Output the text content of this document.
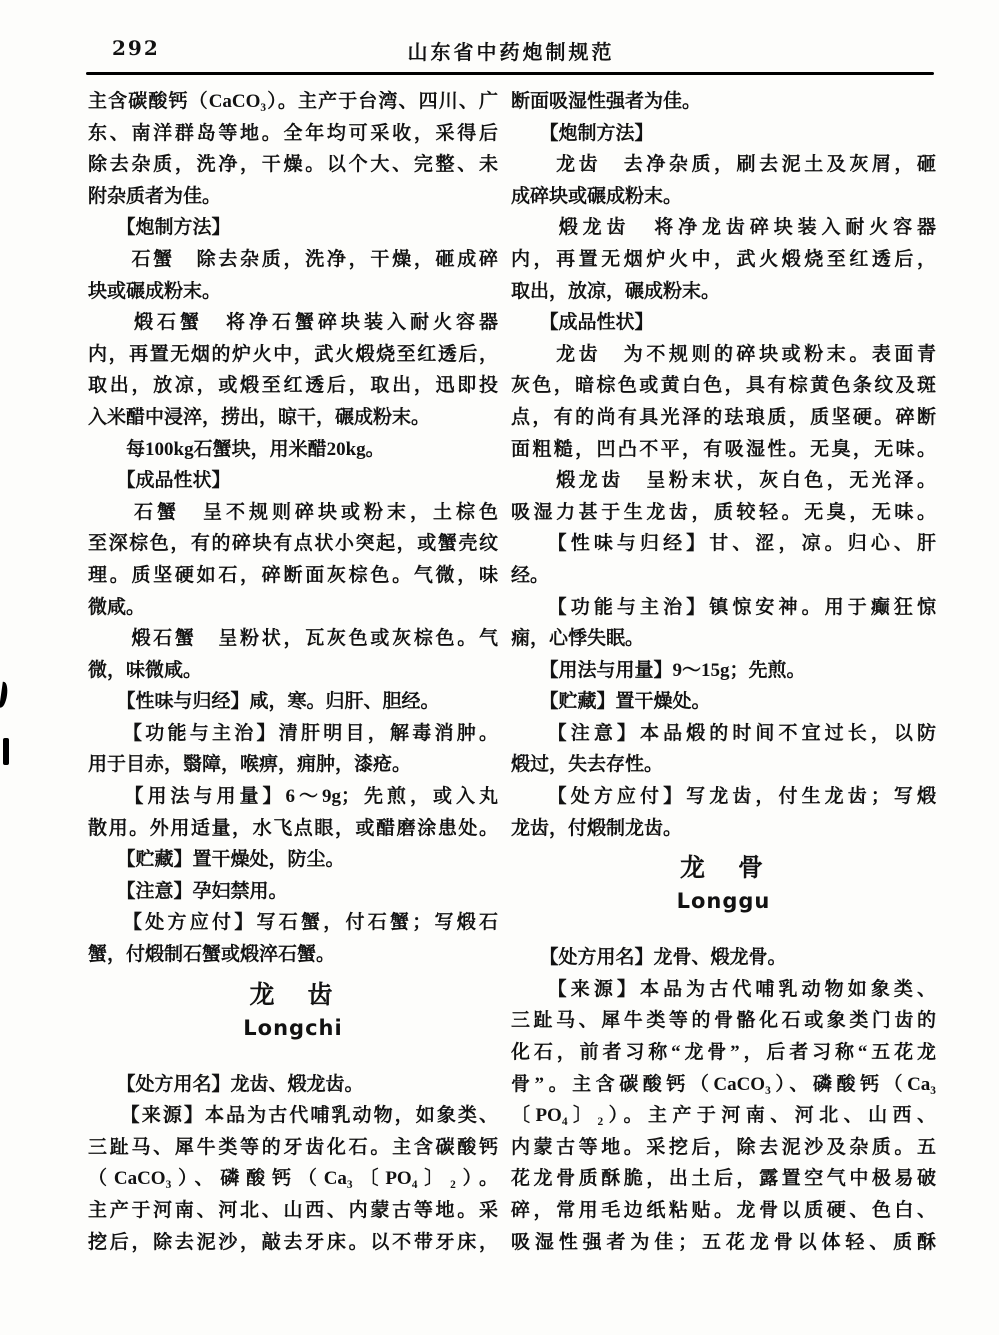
292	山东省中药炮制规范
主含碳酸钙（CaCO₃）。主产于台湾、四川、广
东、南洋群岛等地。全年均可采收，采得后
除去杂质，洗净，干燥。以个大、完整、未
附杂质者为佳。
　　【炮制方法】
　　石蟹　除去杂质，洗净，干燥，砸成碎
块或碾成粉末。
　　煅石蟹　将净石蟹碎块装入耐火容器
内，再置无烟的炉火中，武火煅烧至红透后，
取出，放凉，或煅至红透后，取出，迅即投
入米醋中浸淬，捞出，晾干，碾成粉末。
　　每100kg石蟹块，用米醋20kg。
　　【成品性状】
　　石蟹　呈不规则碎块或粉末，土棕色
至深棕色，有的碎块有点状小突起，或蟹壳纹
理。质坚硬如石，碎断面灰棕色。气微，味
微咸。
　　煅石蟹　呈粉状，瓦灰色或灰棕色。气
微，味微咸。
　　【性味与归经】咸，寒。归肝、胆经。
　　【功能与主治】清肝明目，解毒消肿。
用于目赤，翳障，喉痹，痈肿，漆疮。
　　【用法与用量】6～9g；先煎，或入丸
散用。外用适量，水飞点眼，或醋磨涂患处。
　　【贮藏】置干燥处，防尘。
　　【注意】孕妇禁用。
　　【处方应付】写石蟹，付石蟹；写煅石
蟹，付煅制石蟹或煅淬石蟹。
龙　齿
Longchi
　　【处方用名】龙齿、煅龙齿。
　　【来源】本品为古代哺乳动物，如象类、
三趾马、犀牛类等的牙齿化石。主含碳酸钙
（CaCO₃）、磷酸钙（Ca₃〔PO₄〕₂）。
主产于河南、河北、山西、内蒙古等地。采
挖后，除去泥沙，敲去牙床。以不带牙床，
断面吸湿性强者为佳。
　　【炮制方法】
　　龙齿　去净杂质，刷去泥土及灰屑，砸
成碎块或碾成粉末。
　　煅龙齿　将净龙齿碎块装入耐火容器
内，再置无烟炉火中，武火煅烧至红透后，
取出，放凉，碾成粉末。
　　【成品性状】
　　龙齿　为不规则的碎块或粉末。表面青
灰色，暗棕色或黄白色，具有棕黄色条纹及斑
点，有的尚有具光泽的珐琅质，质坚硬。碎断
面粗糙，凹凸不平，有吸湿性。无臭，无味。
　　煅龙齿　呈粉末状，灰白色，无光泽。
吸湿力甚于生龙齿，质较轻。无臭，无味。
　　【性味与归经】甘、涩，凉。归心、肝
经。
　　【功能与主治】镇惊安神。用于癫狂惊
痫，心悸失眠。
　　【用法与用量】9～15g；先煎。
　　【贮藏】置干燥处。
　　【注意】本品煅的时间不宜过长，以防
煅过，失去存性。
　　【处方应付】写龙齿，付生龙齿；写煅
龙齿，付煅制龙齿。
龙　骨
Longgu
　　【处方用名】龙骨、煅龙骨。
　　【来源】本品为古代哺乳动物如象类、
三趾马、犀牛类等的骨骼化石或象类门齿的
化石，前者习称“龙骨”，后者习称“五花龙
骨”。主含碳酸钙（CaCO₃）、磷酸钙（Ca₃
〔PO₄〕₂）。主产于河南、河北、山西、
内蒙古等地。采挖后，除去泥沙及杂质。五
花龙骨质酥脆，出土后，露置空气中极易破
碎，常用毛边纸粘贴。龙骨以质硬、色白、
吸湿性强者为佳；五花龙骨以体轻、质酥
